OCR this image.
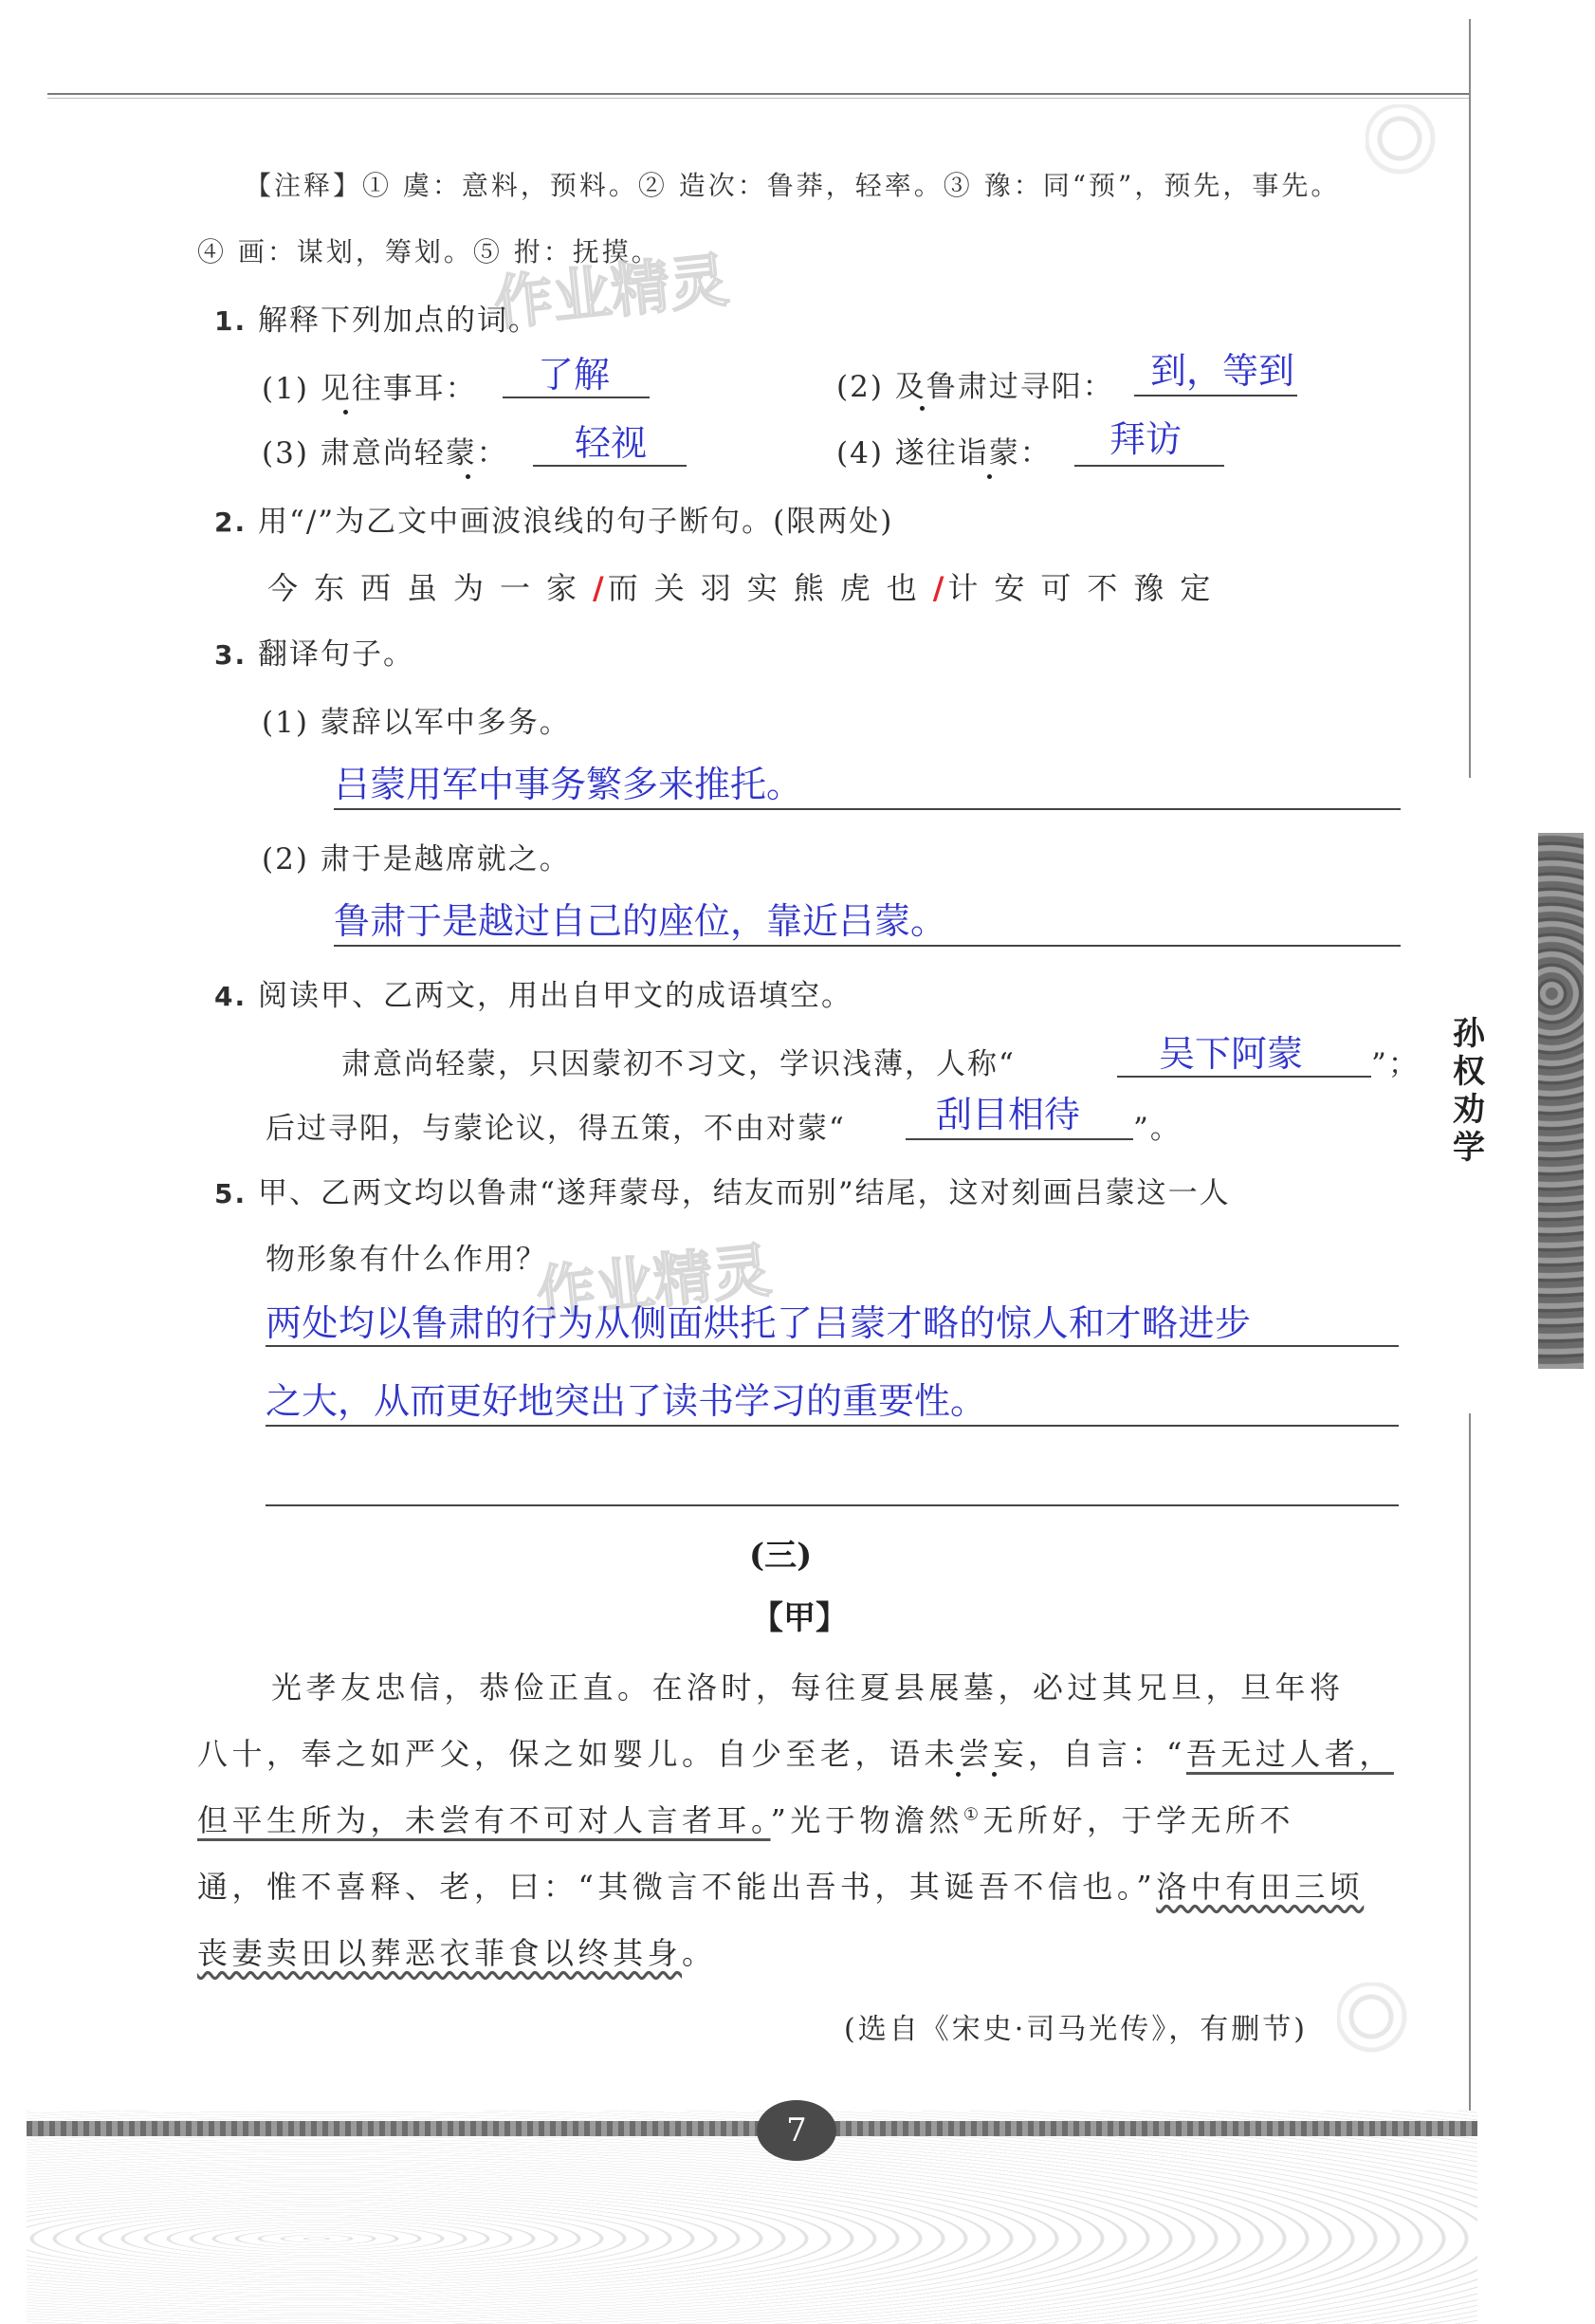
孙权劝学
【注释】① 虞：意料，预料。② 造次：鲁莽，轻率。③ 豫：同“预”，预先，事先。
④ 画：谋划，筹划。⑤ 拊：抚摸。
作业精灵
作业精灵
1. 解释下列加点的词。
(1) 见往事耳： 了解	(2) 及鲁肃过寻阳： 到，等到
(3) 肃意尚轻蒙： 轻视	(4) 遂往诣蒙： 拜访
2. 用“/”为乙文中画波浪线的句子断句。(限两处)
今东西虽为一家/而关羽实熊虎也/计安可不豫定
3. 翻译句子。
(1) 蒙辞以军中多务。
吕蒙用军中事务繁多来推托。
(2) 肃于是越席就之。
鲁肃于是越过自己的座位，靠近吕蒙。
4. 阅读甲、乙两文，用出自甲文的成语填空。
肃意尚轻蒙，只因蒙初不习文，学识浅薄，人称“	吴下阿蒙 ”；
后过寻阳，与蒙论议，得五策，不由对蒙“	刮目相待 ”。
5. 甲、乙两文均以鲁肃“遂拜蒙母，结友而别”结尾，这对刻画吕蒙这一人
物形象有什么作用？
两处均以鲁肃的行为从侧面烘托了吕蒙才略的惊人和才略进步
之大，从而更好地突出了读书学习的重要性。
(三)
【甲】
光孝友忠信，恭俭正直。在洛时，每往夏县展墓，必过其兄旦，旦年将
八十，奉之如严父，保之如婴儿。自少至老，语未尝妄，自言：“吾无过人者，
但平生所为，未尝有不可对人言者耳。”光于物澹然①无所好，于学无所不
通，惟不喜释、老，曰：“其微言不能出吾书，其诞吾不信也。”洛中有田三顷
丧妻卖田以葬恶衣菲食以终其身。
(选自《宋史·司马光传》，有删节)
7
